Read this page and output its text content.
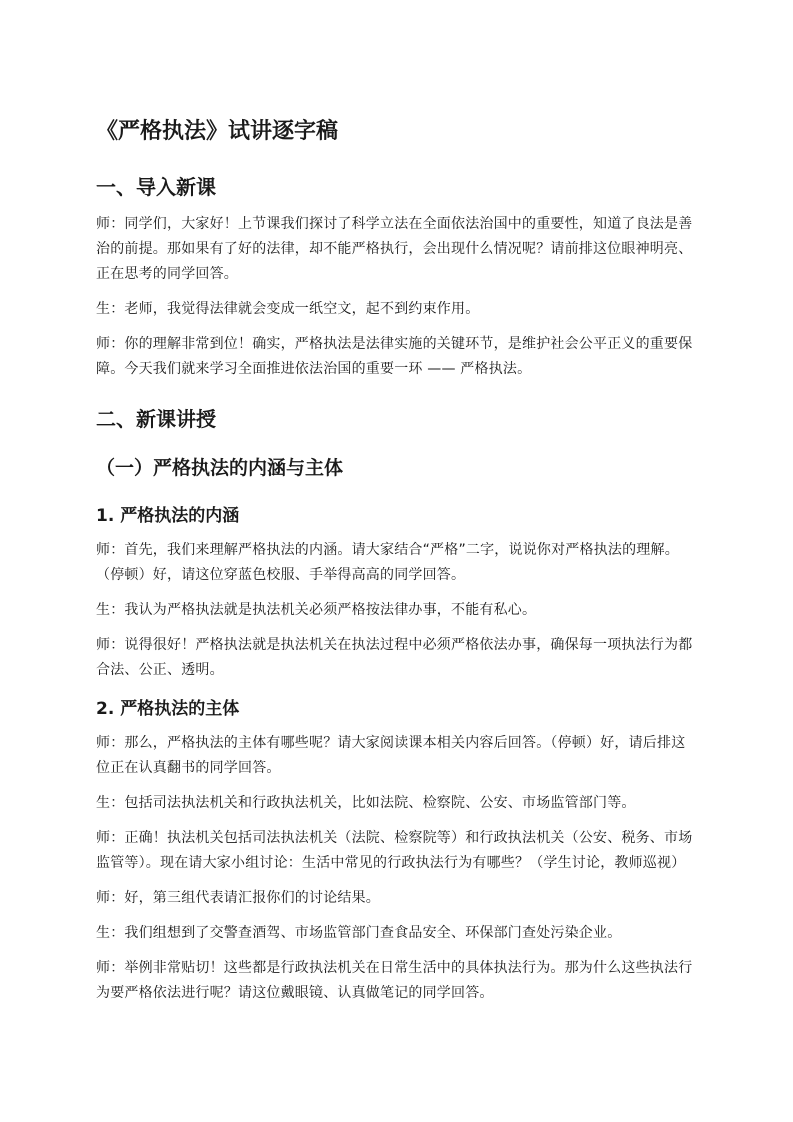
《严格执法》试讲逐字稿
一、导入新课

师：同学们，大家好！上节课我们探讨了科学立法在全面依法治国中的重要性，知道了良法是善治的前提。那如果有了好的法律，却不能严格执行，会出现什么情况呢？请前排这位眼神明亮、正在思考的同学回答。

生：老师，我觉得法律就会变成一纸空文，起不到约束作用。

师：你的理解非常到位！确实，严格执法是法律实施的关键环节，是维护社会公平正义的重要保障。今天我们就来学习全面推进依法治国的重要一环 —— 严格执法。

二、新课讲授
（一）严格执法的内涵与主体
1. 严格执法的内涵

师：首先，我们来理解严格执法的内涵。请大家结合“严格”二字，说说你对严格执法的理解。（停顿）好，请这位穿蓝色校服、手举得高高的同学回答。

生：我认为严格执法就是执法机关必须严格按法律办事，不能有私心。

师：说得很好！严格执法就是执法机关在执法过程中必须严格依法办事，确保每一项执法行为都合法、公正、透明。

2. 严格执法的主体

师：那么，严格执法的主体有哪些呢？请大家阅读课本相关内容后回答。（停顿）好，请后排这位正在认真翻书的同学回答。

生：包括司法执法机关和行政执法机关，比如法院、检察院、公安、市场监管部门等。

师：正确！执法机关包括司法执法机关（法院、检察院等）和行政执法机关（公安、税务、市场监管等）。现在请大家小组讨论：生活中常见的行政执法行为有哪些？（学生讨论，教师巡视）

师：好，第三组代表请汇报你们的讨论结果。

生：我们组想到了交警查酒驾、市场监管部门查食品安全、环保部门查处污染企业。

师：举例非常贴切！这些都是行政执法机关在日常生活中的具体执法行为。那为什么这些执法行为要严格依法进行呢？请这位戴眼镜、认真做笔记的同学回答。
